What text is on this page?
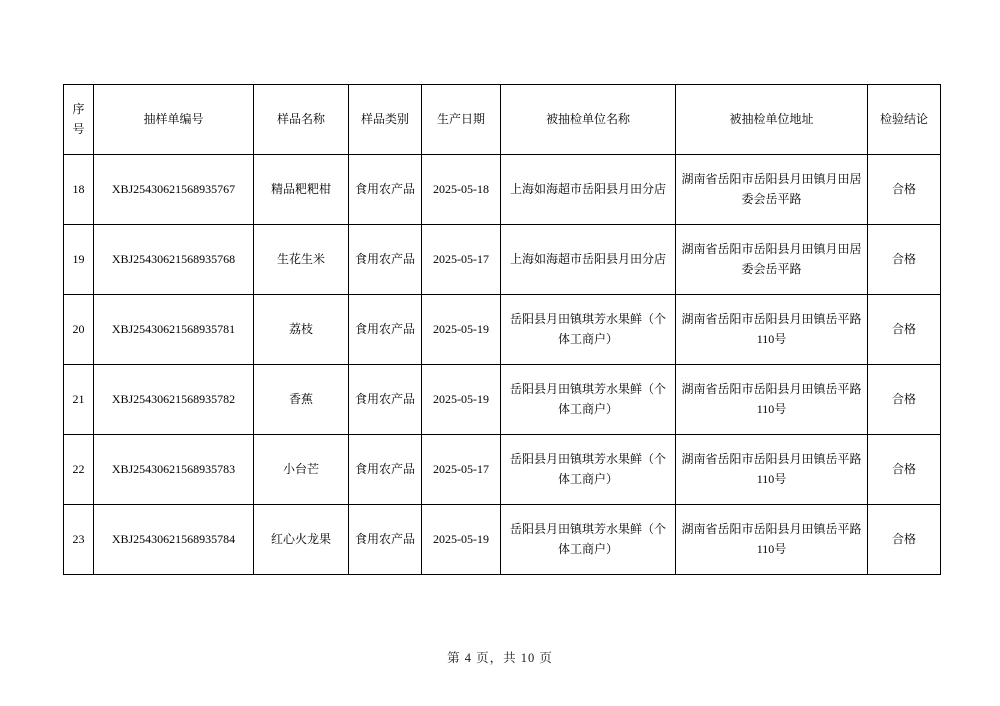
序号	抽样单编号	样品名称	样品类别	生产日期	被抽检单位名称	被抽检单位地址	检验结论
18	XBJ25430621568935767	精品粑粑柑	食用农产品	2025-05-18	上海如海超市岳阳县月田分店	湖南省岳阳市岳阳县月田镇月田居委会岳平路	合格
19	XBJ25430621568935768	生花生米	食用农产品	2025-05-17	上海如海超市岳阳县月田分店	湖南省岳阳市岳阳县月田镇月田居委会岳平路	合格
20	XBJ25430621568935781	荔枝	食用农产品	2025-05-19	岳阳县月田镇琪芳水果鲜（个体工商户）	湖南省岳阳市岳阳县月田镇岳平路110号	合格
21	XBJ25430621568935782	香蕉	食用农产品	2025-05-19	岳阳县月田镇琪芳水果鲜（个体工商户）	湖南省岳阳市岳阳县月田镇岳平路110号	合格
22	XBJ25430621568935783	小台芒	食用农产品	2025-05-17	岳阳县月田镇琪芳水果鲜（个体工商户）	湖南省岳阳市岳阳县月田镇岳平路110号	合格
23	XBJ25430621568935784	红心火龙果	食用农产品	2025-05-19	岳阳县月田镇琪芳水果鲜（个体工商户）	湖南省岳阳市岳阳县月田镇岳平路110号	合格
第 4 页，共 10 页
